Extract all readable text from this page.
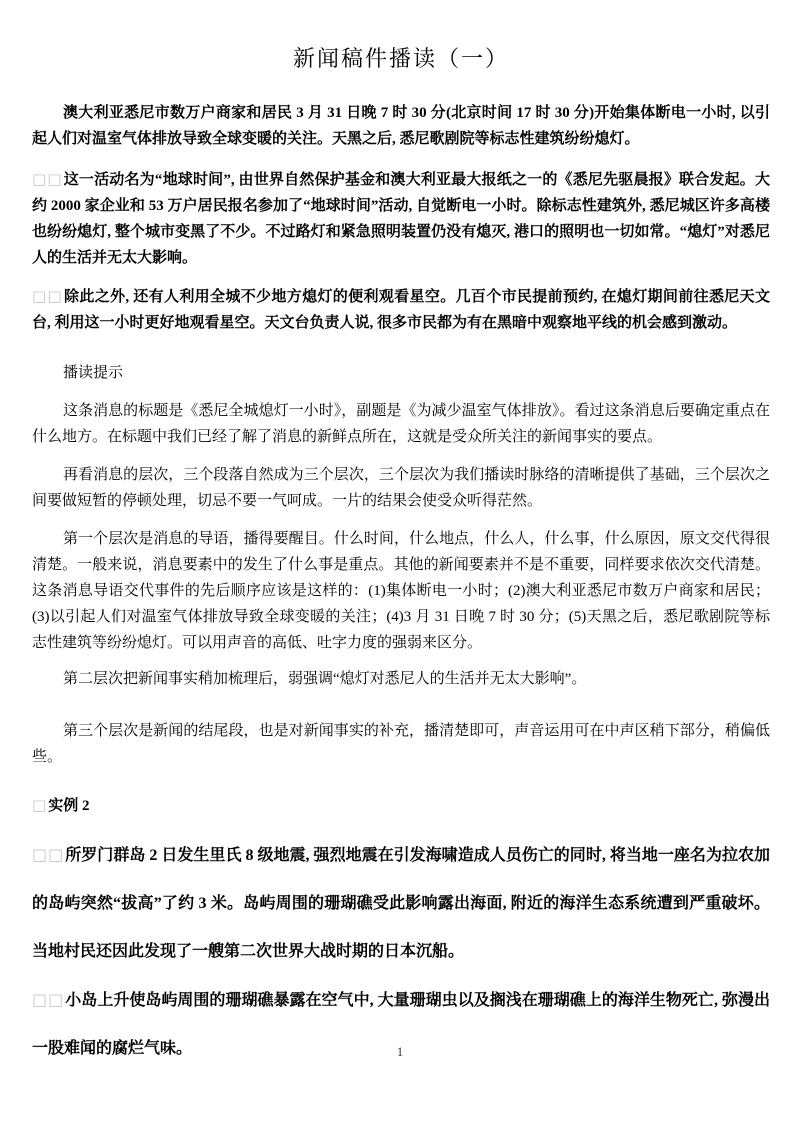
新闻稿件播读（一）

澳大利亚悉尼市数万户商家和居民 3 月 31 日晚 7 时 30 分(北京时间 17 时 30 分)开始集体断电一小时, 以引起人们对温室气体排放导致全球变暖的关注。天黑之后, 悉尼歌剧院等标志性建筑纷纷熄灯。

□□这一活动名为“地球时间”, 由世界自然保护基金和澳大利亚最大报纸之一的《悉尼先驱晨报》联合发起。大约 2000 家企业和 53 万户居民报名参加了“地球时间”活动, 自觉断电一小时。除标志性建筑外, 悉尼城区许多高楼也纷纷熄灯, 整个城市变黑了不少。不过路灯和紧急照明装置仍没有熄灭, 港口的照明也一切如常。“熄灯”对悉尼人的生活并无太大影响。

□□除此之外, 还有人利用全城不少地方熄灯的便利观看星空。几百个市民提前预约, 在熄灯期间前往悉尼天文台, 利用这一小时更好地观看星空。天文台负责人说, 很多市民都为有在黑暗中观察地平线的机会感到激动。

播读提示

这条消息的标题是《悉尼全城熄灯一小时》，副题是《为减少温室气体排放》。看过这条消息后要确定重点在什么地方。在标题中我们已经了解了消息的新鲜点所在，这就是受众所关注的新闻事实的要点。

再看消息的层次，三个段落自然成为三个层次，三个层次为我们播读时脉络的清晰提供了基础，三个层次之间要做短暂的停顿处理，切忌不要一气呵成。一片的结果会使受众听得茫然。

第一个层次是消息的导语，播得要醒目。什么时间，什么地点，什么人，什么事，什么原因，原文交代得很清楚。一般来说，消息要素中的发生了什么事是重点。其他的新闻要素并不是不重要，同样要求依次交代清楚。这条消息导语交代事件的先后顺序应该是这样的：(1)集体断电一小时；(2)澳大利亚悉尼市数万户商家和居民；(3)以引起人们对温室气体排放导致全球变暖的关注；(4)3 月 31 日晚 7 时 30 分；(5)天黑之后，悉尼歌剧院等标志性建筑等纷纷熄灯。可以用声音的高低、吐字力度的强弱来区分。

第二层次把新闻事实稍加梳理后，弱强调“熄灯对悉尼人的生活并无太大影响”。

第三个层次是新闻的结尾段，也是对新闻事实的补充，播清楚即可，声音运用可在中声区稍下部分，稍偏低些。

□实例 2

□□所罗门群岛 2 日发生里氏 8 级地震, 强烈地震在引发海啸造成人员伤亡的同时, 将当地一座名为拉农加的岛屿突然“拔高”了约 3 米。岛屿周围的珊瑚礁受此影响露出海面, 附近的海洋生态系统遭到严重破坏。当地村民还因此发现了一艘第二次世界大战时期的日本沉船。

□□小岛上升使岛屿周围的珊瑚礁暴露在空气中, 大量珊瑚虫以及搁浅在珊瑚礁上的海洋生物死亡, 弥漫出一股难闻的腐烂气味。	1
